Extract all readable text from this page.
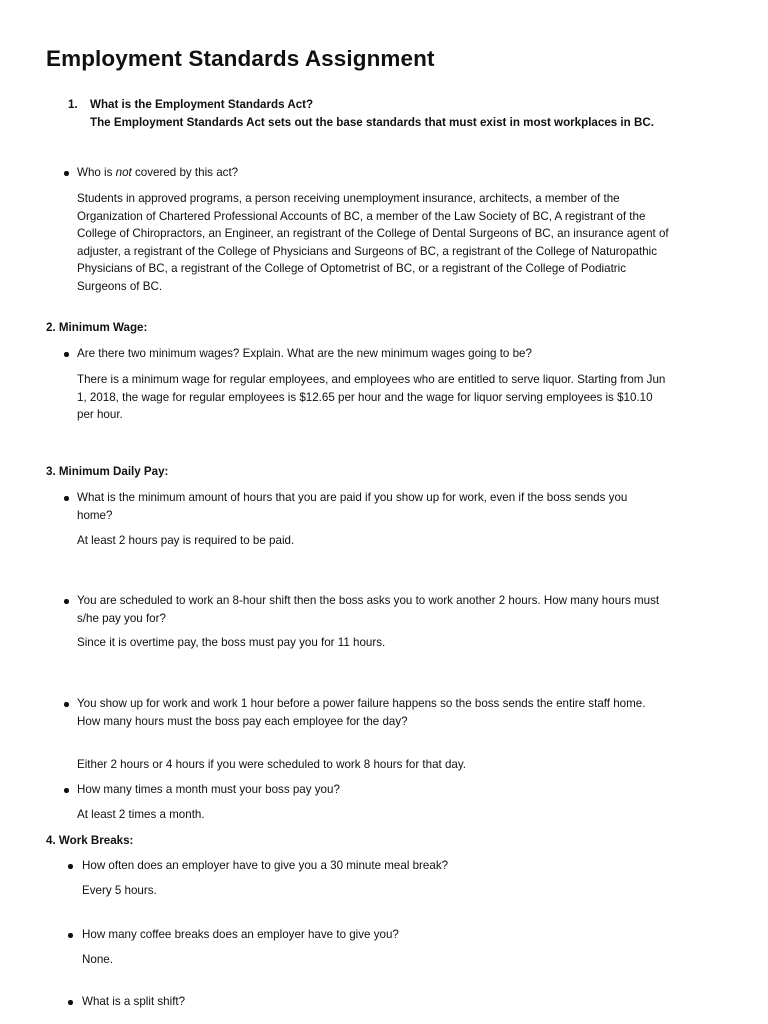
Employment Standards Assignment
1. What is the Employment Standards Act?
The Employment Standards Act sets out the base standards that must exist in most workplaces in BC.
Who is not covered by this act?
Students in approved programs, a person receiving unemployment insurance, architects, a member of the
Organization of Chartered Professional Accounts of BC, a member of the Law Society of BC, A registrant of the
College of Chiropractors, an Engineer, an registrant of the College of Dental Surgeons of BC, an insurance agent of
adjuster, a registrant of the College of Physicians and Surgeons of BC, a registrant of the College of Naturopathic
Physicians of BC, a registrant of the College of Optometrist of BC, or a registrant of the College of Podiatric
Surgeons of BC.
2. Minimum Wage:
Are there two minimum wages? Explain. What are the new minimum wages going to be?
There is a minimum wage for regular employees, and employees who are entitled to serve liquor. Starting from Jun
1, 2018, the wage for regular employees is $12.65 per hour and the wage for liquor serving employees is $10.10
per hour.
3. Minimum Daily Pay:
What is the minimum amount of hours that you are paid if you show up for work, even if the boss sends you
home?
At least 2 hours pay is required to be paid.
You are scheduled to work an 8-hour shift then the boss asks you to work another 2 hours. How many hours must
s/he pay you for?
Since it is overtime pay, the boss must pay you for 11 hours.
You show up for work and work 1 hour before a power failure happens so the boss sends the entire staff home.
How many hours must the boss pay each employee for the day?
Either 2 hours or 4 hours if you were scheduled to work 8 hours for that day.
How many times a month must your boss pay you?
At least 2 times a month.
4. Work Breaks:
How often does an employer have to give you a 30 minute meal break?
Every 5 hours.
How many coffee breaks does an employer have to give you?
None.
What is a split shift?
